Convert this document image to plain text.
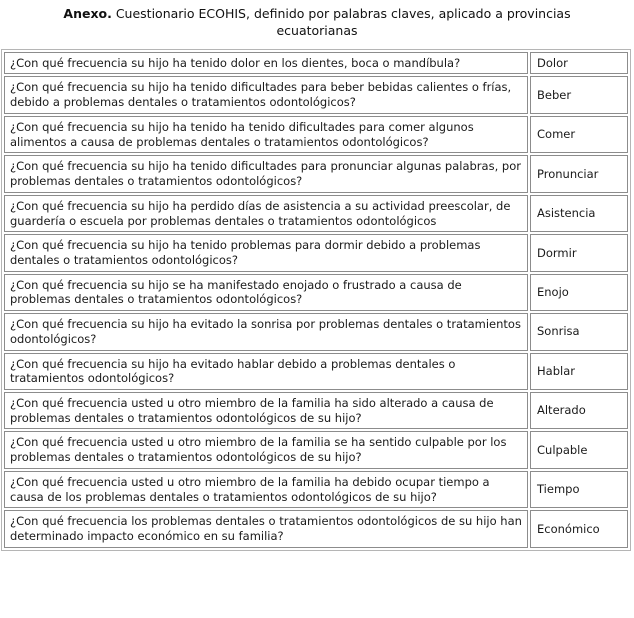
Anexo. Cuestionario ECOHIS, definido por palabras claves, aplicado a provincias ecuatorianas
¿Con qué frecuencia su hijo ha tenido dolor en los dientes, boca o mandíbula?	Dolor
¿Con qué frecuencia su hijo ha tenido dificultades para beber bebidas calientes o frías, debido a problemas dentales o tratamientos odontológicos?	Beber
¿Con qué frecuencia su hijo ha tenido ha tenido dificultades para comer algunos alimentos a causa de problemas dentales o tratamientos odontológicos?	Comer
¿Con qué frecuencia su hijo ha tenido dificultades para pronunciar algunas palabras, por problemas dentales o tratamientos odontológicos?	Pronunciar
¿Con qué frecuencia su hijo ha perdido días de asistencia a su actividad preescolar, de guardería o escuela por problemas dentales o tratamientos odontológicos	Asistencia
¿Con qué frecuencia su hijo ha tenido problemas para dormir debido a problemas dentales o tratamientos odontológicos?	Dormir
¿Con qué frecuencia su hijo se ha manifestado enojado o frustrado a causa de problemas dentales o tratamientos odontológicos?	Enojo
¿Con qué frecuencia su hijo ha evitado la sonrisa por problemas dentales o tratamientos odontológicos?	Sonrisa
¿Con qué frecuencia su hijo ha evitado hablar debido a problemas dentales o tratamientos odontológicos?	Hablar
¿Con qué frecuencia usted u otro miembro de la familia ha sido alterado a causa de problemas dentales o tratamientos odontológicos de su hijo?	Alterado
¿Con qué frecuencia usted u otro miembro de la familia se ha sentido culpable por los problemas dentales o tratamientos odontológicos de su hijo?	Culpable
¿Con qué frecuencia usted u otro miembro de la familia ha debido ocupar tiempo a causa de los problemas dentales o tratamientos odontológicos de su hijo?	Tiempo
¿Con qué frecuencia los problemas dentales o tratamientos odontológicos de su hijo han determinado impacto económico en su familia?	Económico
